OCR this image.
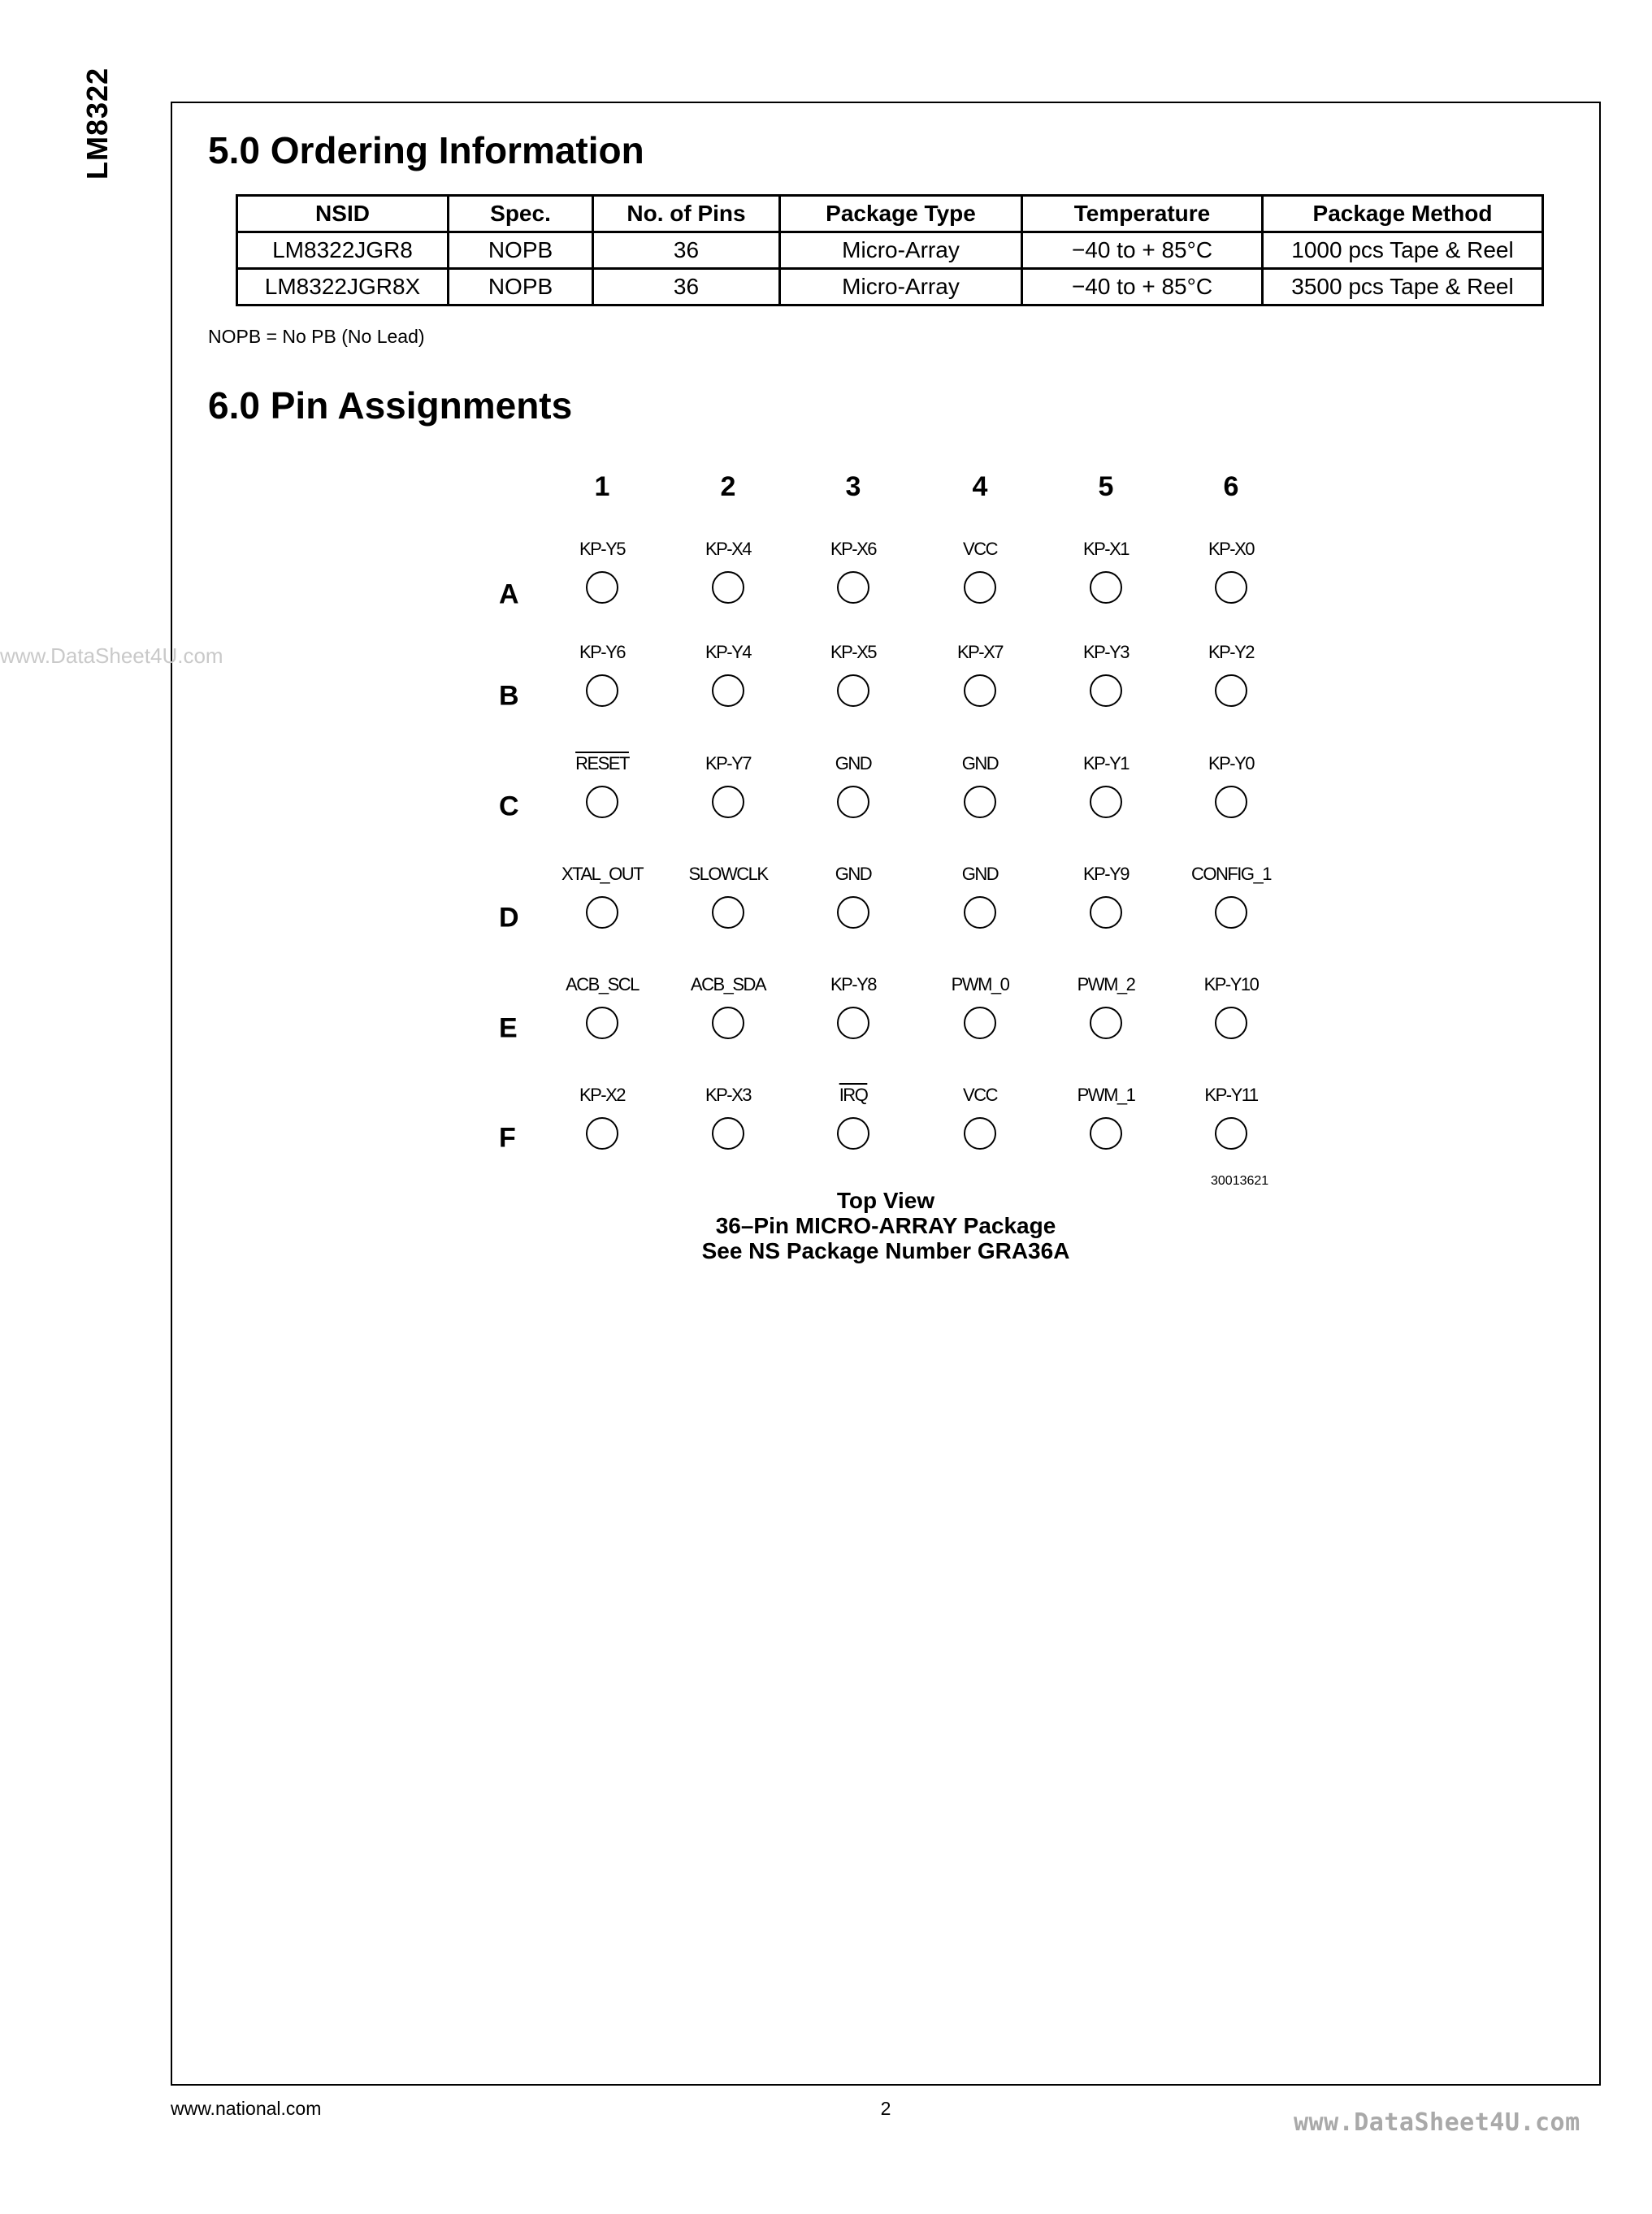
LM8322	5.0 Ordering Information
NSID	Spec.	No. of Pins	Package Type	Temperature	Package Method
LM8322JGR8	NOPB	36	Micro-Array	−40 to + 85°C	1000 pcs Tape & Reel
LM8322JGR8X	NOPB	36	Micro-Array	−40 to + 85°C	3500 pcs Tape & Reel
NOPB = No PB (No Lead)
6.0 Pin Assignments
1	2	3	4	5	6
A
KP-Y5	KP-X4	KP-X6	VCC	KP-X1	KP-X0
B
KP-Y6	KP-Y4	KP-X5	KP-X7	KP-Y3	KP-Y2
C
RESET	KP-Y7	GND	GND	KP-Y1	KP-Y0
D
XTAL_OUT	SLOWCLK	GND	GND	KP-Y9	CONFIG_1
E
ACB_SCL	ACB_SDA	KP-Y8	PWM_0	PWM_2	KP-Y10
F
KP-X2	KP-X3	$\overline{IRQ}$	VCC	PWM_1	KP-Y11
30013621
Top View
36–Pin MICRO-ARRAY Package
See NS Package Number GRA36A
www.national.com	2
www.DataSheet4U.com
www.DataSheet4U.com
